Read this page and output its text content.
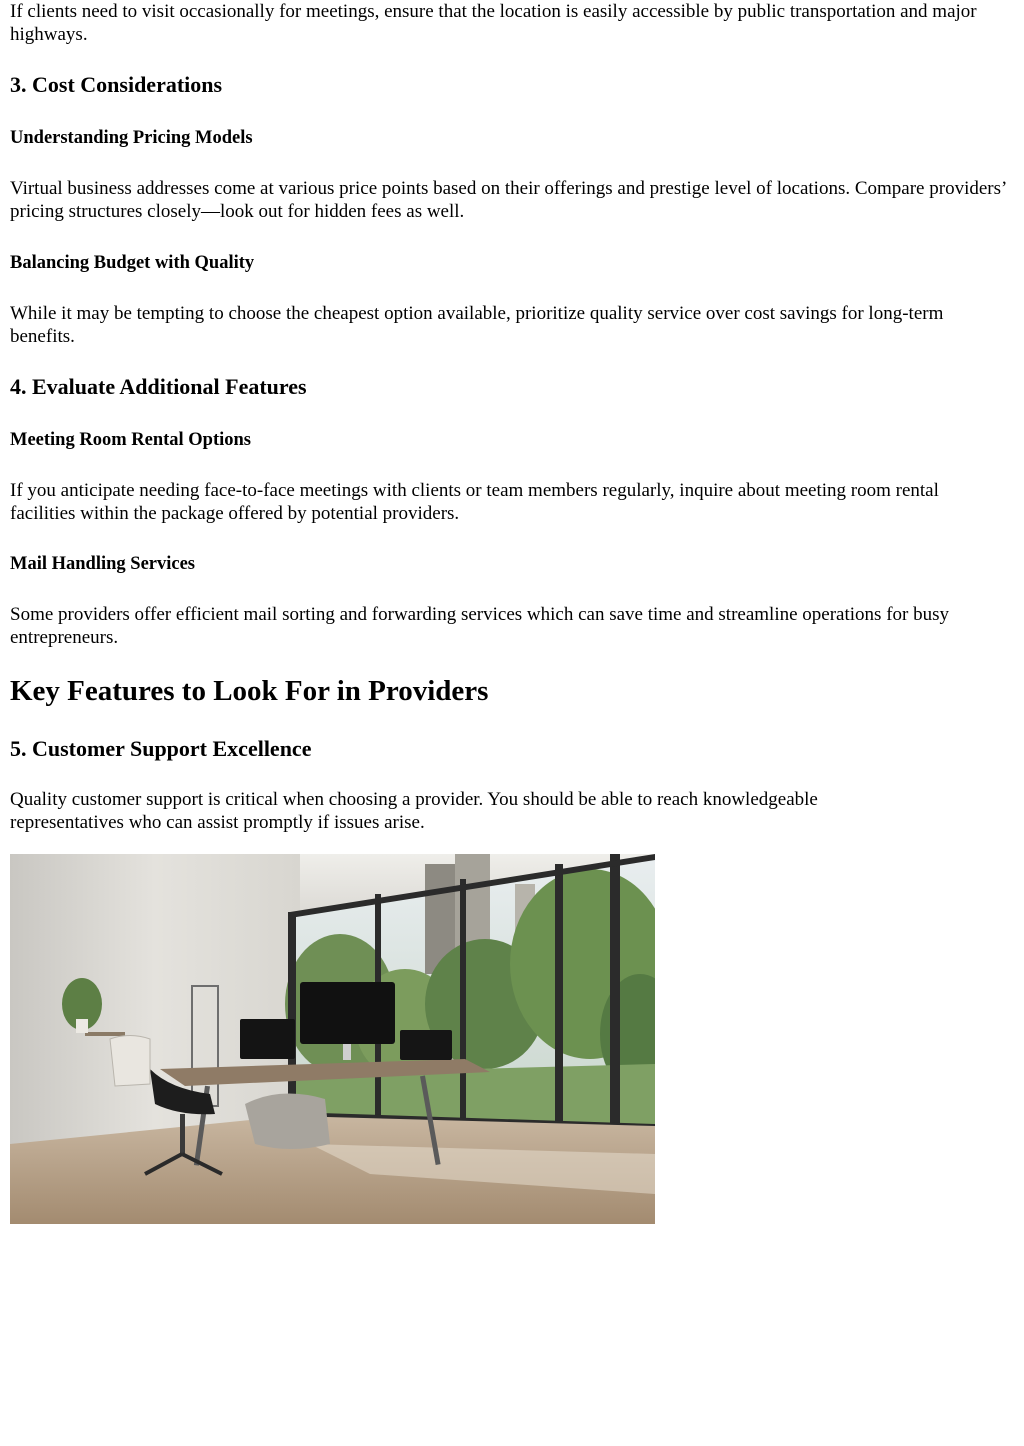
If clients need to visit occasionally for meetings, ensure that the location is easily accessible by public transportation and major highways.

3. Cost Considerations
Understanding Pricing Models

Virtual business addresses come at various price points based on their offerings and prestige level of locations. Compare providers’ pricing structures closely—look out for hidden fees as well.

Balancing Budget with Quality

While it may be tempting to choose the cheapest option available, prioritize quality service over cost savings for long-term benefits.

4. Evaluate Additional Features
Meeting Room Rental Options

If you anticipate needing face-to-face meetings with clients or team members regularly, inquire about meeting room rental facilities within the package offered by potential providers.

Mail Handling Services

Some providers offer efficient mail sorting and forwarding services which can save time and streamline operations for busy entrepreneurs.

Key Features to Look For in Providers
5. Customer Support Excellence

Quality customer support is critical when choosing a provider. You should be able to reach knowledgeable representatives who can assist promptly if issues arise.
